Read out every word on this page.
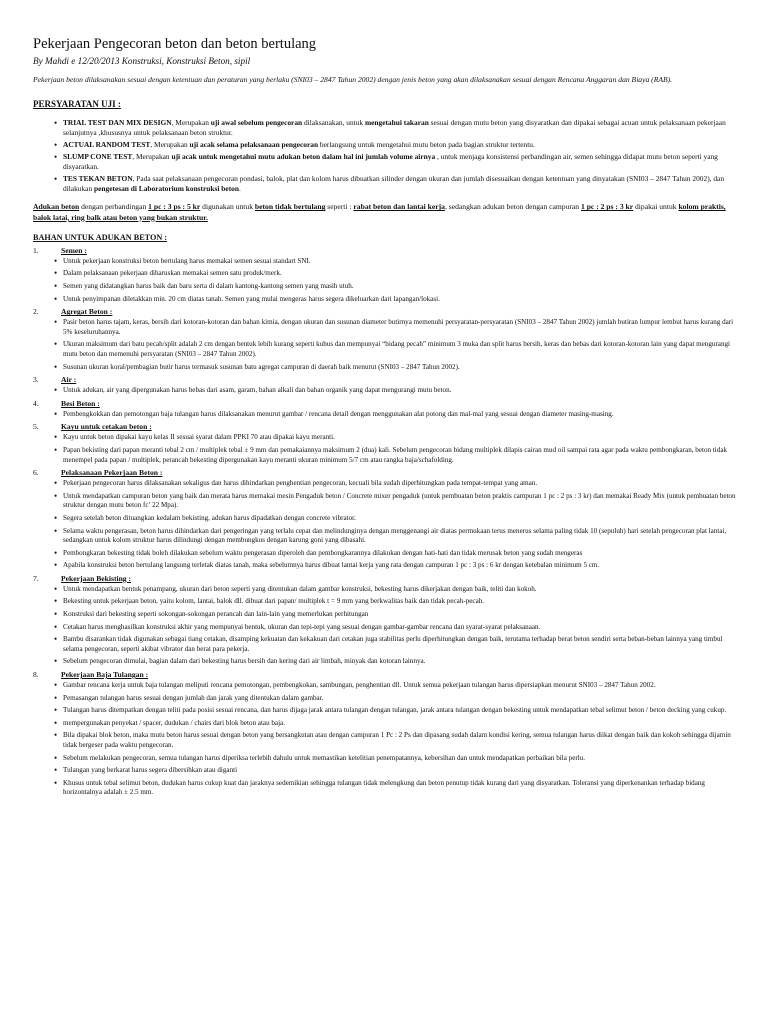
Pekerjaan Pengecoran beton dan beton bertulang
By Mahdi e 12/20/2013 Konstruksi, Konstruksi Beton, sipil

Pekerjaan beton dilaksanakan sesuai dengan ketentuan dan peraturan yang berlaku (SNI03 – 2847 Tahun 2002) dengan jenis beton yang akan dilaksanakan sesuai dengan Rencana Anggaran dan Biaya (RAB).

PERSYARATAN UJI :
• TRIAL TEST DAN MIX DESIGN, Merupakan uji awal sebelum pengecoran dilaksanakan, untuk mengetahui takaran sesuai dengan mutu beton yang disyaratkan dan dipakai sebagai acuan untuk pelaksanaan pekerjaan selanjutnya ,khususnya untuk pelaksanaan beton struktur.
• ACTUAL RANDOM TEST, Merupakan uji acak selama pelaksanaan pengecoran berlangsung untuk mengetahui mutu beton pada bagian struktur tertentu.
• SLUMP CONE TEST, Merupakan uji acak untuk mengetahui mutu adukan beton dalam hal ini jumlah volume airnya , untuk menjaga konsistensi perbandingan air, semen sehingga didapat mutu beton seperti yang disyaratkan.
• TES TEKAN BETON, Pada saat pelaksanaan pengecoran pondasi, balok, plat dan kolom harus dibuatkan silinder dengan ukuran dan jumlah disesuaikan dengan ketentuan yang dinyatakan (SNI03 – 2847 Tahun 2002), dan dilakukan pengetesan di Laboratorium konstruksi beton.

Adukan beton dengan perbandingan 1 pc : 3 ps : 5 kr digunakan untuk beton tidak bertulang seperti : rabat beton dan lantai kerja, sedangkan adukan beton dengan campuran 1 pc : 2 ps : 3 kr dipakai untuk kolom praktis, balok latai, ring balk atau beton yang bukan struktur.

BAHAN UNTUK ADUKAN BETON :
1.	Semen :
• Untuk pekerjaan konstruksi beton bertulang harus memakai semen sesuai standart SNI.
• Dalam pelaksanaan pekerjaan diharuskan memakai semen satu produk/merk.
• Semen yang didatangkan harus baik dan baru serta di dalam kantong-kantong semen yang masih utuh.
• Untuk penyimpanan diletakkan min. 20 cm diatas tanah. Semen yang mulai mengeras harus segera dikeluarkan dari lapangan/lokasi.
2.	Agregat Beton :
• Pasir beton harus tajam, keras, bersih dari kotoran-kotoran dan bahan kimia, dengan ukuran dan susunan diameter butirnya memenuhi persyaratan-persyaratan (SNI03 – 2847 Tahun 2002) jumlah butiran lumpur lembut harus kurang dari 5% keseluruhannya.
• Ukuran maksimum dari batu pecah/split adalah 2 cm dengan bentuk lebih kurang seperti kubus dan mempunyai “bidang pecah” minimum 3 muka dan split harus bersih, keras dan bebas dari kotoran-kotoran lain yang dapat mengurangi mutu beton dan memenuhi persyaratan (SNI03 – 2847 Tahun 2002).
• Susunan ukuran koral/pembagian butir harus termasuk susunan batu agregat campuran di daerah baik menurut (SNI03 – 2847 Tahun 2002).
3.	Air :
• Untuk adukan, air yang dipergunakan harus bebas dari asam, garam, bahan alkali dan bahan organik yang dapat mengurangi mutu beton.
4.	Besi Beton :
• Pembengkokkan dan pemotongan baja tulangan harus dilaksanakan menurut gambar / rencana detail dengan menggunakan alat potong dan mal-mal yang sesuai dengan diameter masing-masing.
5.	Kayu untuk cetakan beton :
• Kayu untuk beton dipakai kayu kelas II sesuai syarat dalam PPKI 70 atau dipakai kayu meranti.
• Papan bekisting dari papan meranti tebal 2 cm / multiplek tebal ± 9 mm dan pemakaiannya maksimum 2 (dua) kali. Sebelum pengecoran bidang multiplek dilapis cairan mud oil sampai rata agar pada waktu pembongkaran, beton tidak menempel pada papan / multiplek, perancah bekesting dipergunakan kayu meranti ukuran minimum 5/7 cm atau rangka baja/schafolding.
6.	Pelaksanaan Pekerjaan Beton :
• Pekerjaan pengecoran harus dilaksanakan sekaligus dan harus dihindarkan penghentian pengecoran, kecuali bila sudah diperhitungkan pada tempat-tempat yang aman.
• Untuk mendapatkan campuran beton yang baik dan merata harus memakai mesin Pengaduk beton / Concrete mixer pengaduk (untuk pembuatan beton praktis campuran 1 pc : 2 ps : 3 kr) dan memakai Ready Mix (untuk pembuatan beton struktur dengan mutu beton fc’ 22 Mpa).
• Segera setelah beton dituangkan kedalam bekisting, adukan harus dipadatkan dengan concrete vibrator.
• Selama waktu pengerasan, beton harus dihindarkan dari pengeringan yang terlalu cepat dan melindunginya dengan menggenangi air diatas permukaan terus menerus selama paling tidak 10 (sepuluh) hari setelah pengecoran plat lantai, sedangkan untuk kolom struktur harus dilindungi dengan membungkus dengan karung goni yang dibasahi.
• Pembongkaran bekesting tidak boleh dilakukan sebelum waktu pengerasan diperoleh dan pembongkarannya dilakukan dengan hati-hati dan tidak merusak beton yang sudah mengeras
• Apabila konstruksi beton bertulang langsung terletak diatas tanah, maka sebelumnya harus dibuat lantai kerja yang rata dengan campuran 1 pc : 3 ps : 6 kr dengan ketebalan minimum 5 cm.
7.	Pekerjaan Bekisting :
• Untuk mendapatkan bentuk penampang, ukuran dari beton seperti yang ditentukan dalam gambar konstruksi, bekesting harus dikerjakan dengan baik, teliti dan kokoh.
• Bekesting untuk pekerjaan beton, yaitu kolom, lantai, balok dll. dibuat dari papan/ multiplek t = 9 mm yang berkwalitas baik dan tidak pecah-pecah.
• Konstruksi dari bekesting seperti sokongan-sokongan perancah dan lain-lain yang memerlukan perhitungan
• Cetakan harus menghasilkan konstruksi akhir yang mempunyai bentuk, ukuran dan tepi-tepi yang sesuai dengan gambar-gambar rencana dan syarat-syarat pelaksanaan.
• Bambu disarankan tidak digunakan sebagai tiang cetakan, disamping kekuatan dan kekakuan dari cetakan juga stabilitas perlu diperhitungkan dengan baik, terutama terhadap berat beton sendiri serta beban-beban lainnya yang timbul selama pengecoran, seperti akibat vibrator dan berat para pekerja.
• Sebelum pengecoran dimulai, bagian dalam dari bekesting harus bersih dan kering dari air limbah, minyak dan kotoran lainnya.
8.	Pekerjaan Baja Tulangan :
• Gambar rencana kerja untuk baja tulangan meliputi rencana pemotongan, pembengkokan, sambungan, penghentian dll. Untuk semua pekerjaan tulangan harus dipersiapkan menurut SNI03 – 2847 Tahun 2002.
• Pemasangan tulangan harus sesuai dengan jumlah dan jarak yang ditentukan dalam gambar.
• Tulangan harus ditempatkan dengan teliti pada posisi sesuai rencana, dan harus dijaga jarak antara tulangan dengan tulangan, jarak antara tulangan dengan bekesting untuk mendapatkan tebal selimut beton / beton decking yang cukup.
• mempergunakan penyekat / spacer, dudukan / chairs dari blok beton atau baja.
• Bila dipakai blok beton, maka mutu beton harus sesuai dengan beton yang bersangkutan atau dengan campuran 1 Pc : 2 Ps dan dipasang sudah dalam kondisi kering, semua tulangan harus diikat dengan baik dan kokoh sehingga dijamin tidak bergeser pada waktu pengecoran.
• Sebelum melakukan pengecoran, semua tulangan harus diperiksa terlebih dahulu untuk memastikan ketelitian penempatannya, kebersihan dan untuk mendapatkan perbaikan bila perlu.
• Tulangan yang berkarat harus segera dibersihkan atau diganti
• Khusus untuk tebal selimut beton, dudukan harus cukup kuat dan jaraknya sedemikian sehingga tulangan tidak melengkung dan beton penutup tidak kurang dari yang disyaratkan. Toleransi yang diperkenankan terhadap bidang horizontalnya adalah ± 2.5 mm.
